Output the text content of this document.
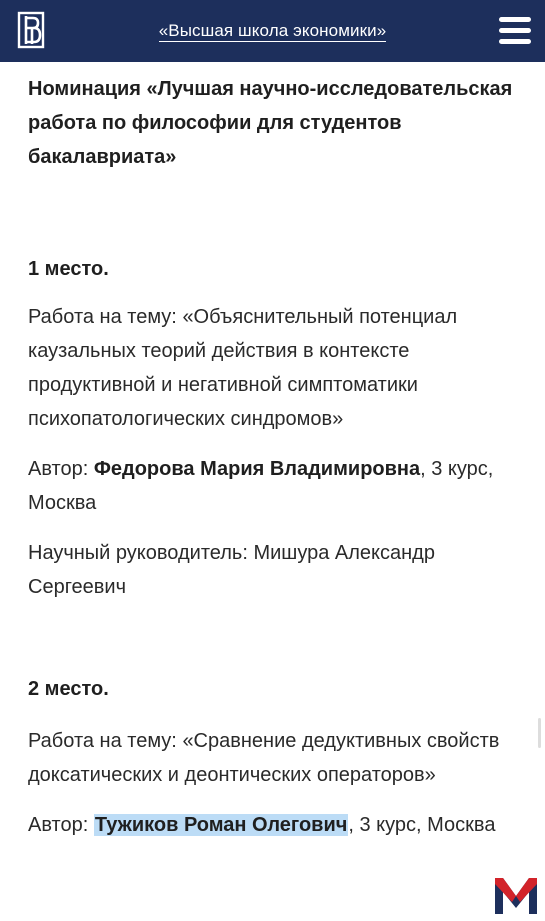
«Высшая школа экономики»
Номинация «Лучшая научно-исследовательская работа по философии для студентов бакалавриата»
1 место.
Работа на тему: «Объяснительный потенциал каузальных теорий действия в контексте продуктивной и негативной симптоматики психопатологических синдромов»
Автор: Федорова Мария Владимировна, 3 курс, Москва
Научный руководитель: Мишура Александр Сергеевич
2 место.
Работа на тему: «Сравнение дедуктивных свойств доксатических и деонтических операторов»
Автор: Тужиков Роман Олегович, 3 курс, Москва
